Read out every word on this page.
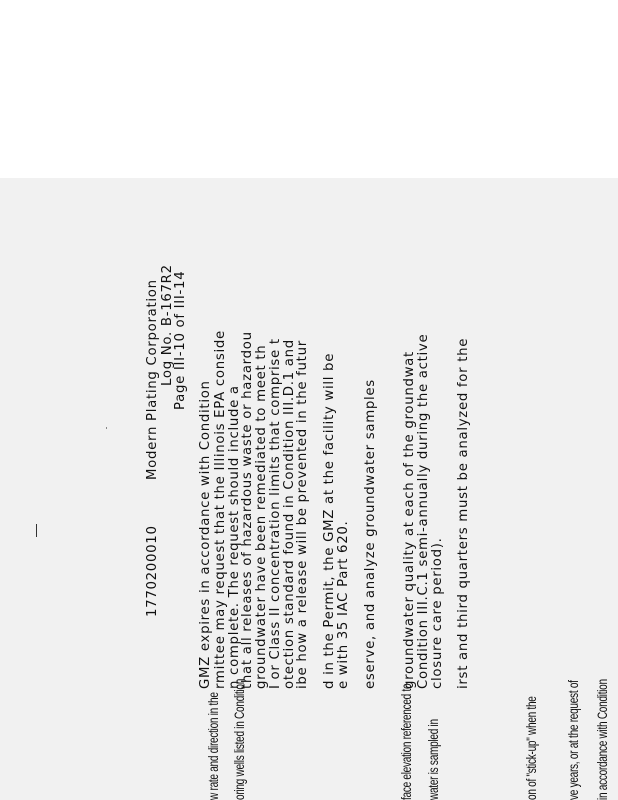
1770200010
Modern Plating Corporation Log No. B-167R2
Page III-10 of III-14
GMZ expires in accordance with Condition rmittee may request that the Illinois EPA conside n complete. The request should include a
that all releases of hazardous waste or hazardou groundwater have been remediated to meet th I or Class II concentration limits that comprise t otection standard found in Condition III.D.1 and
ibe how a release will be prevented in the futur d in the Permit, the GMZ at the facility will be e with 35 IAC Part 620. eserve, and analyze groundwater samples groundwater quality at each of the groundwat Condition III.C.1 semi-annually during the active closure care period). irst and third quarters must be analyzed for the
w rate and direction in the oring wells listed in Condition	face elevation referenced to water is sampled in	on of "stick-up" when the ve years, or at the request of in accordance with Condition
